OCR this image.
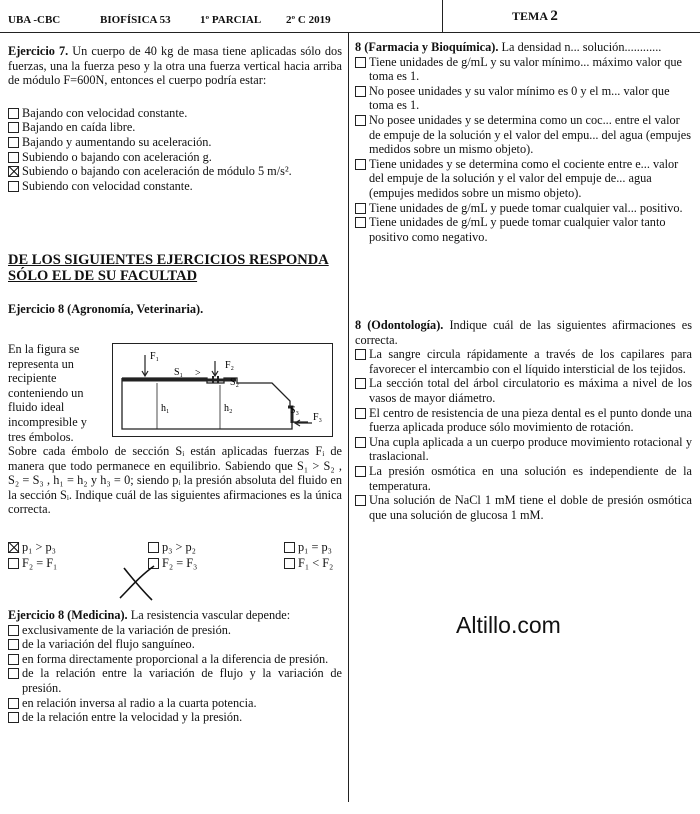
UBA -CBC	BIOFÍSICA 53	1º PARCIAL 2º C 2019	TEMA 2

Ejercicio 7. Un cuerpo de 40 kg de masa tiene aplicadas sólo dos fuerzas, una la fuerza peso y la otra una fuerza vertical hacia arriba de módulo F=600N, entonces el cuerpo podría estar:

Bajando con velocidad constante.
Bajando en caída libre.
Bajando y aumentando su aceleración.
Subiendo o bajando con aceleración g.
Subiendo o bajando con aceleración de módulo 5 m/s².
Subiendo con velocidad constante.
DE LOS SIGUIENTES EJERCICIOS RESPONDA SÓLO EL DE SU FACULTAD

Ejercicio 8 (Agronomía, Veterinaria).

En la figura se representa un recipiente conteniendo un fluido ideal incompresible y tres émbolos.
F₁
F₂
F₃
S₁
S₂
S₃
h₁	h₂
>
Sobre cada émbolo de sección Sᵢ están aplicadas fuerzas Fᵢ de manera que todo permanece en equilibrio. Sabiendo que S₁ > S₂ , S₂ = S₃ , h₁ = h₂ y h₃ = 0; siendo pᵢ la presión absoluta del fluido en la sección Sᵢ. Indique cuál de las siguientes afirmaciones es la única correcta.
p₁ > p₃	p₃ > p₂	p₁ = p₃
F₂ = F₁	F₂ = F₃	F₁ < F₂

Ejercicio 8 (Medicina). La resistencia vascular depende:

exclusivamente de la variación de presión.
de la variación del flujo sanguíneo.
en forma directamente proporcional a la diferencia de presión.
de la relación entre la variación de flujo y la variación de presión.
en relación inversa al radio a la cuarta potencia.
de la relación entre la velocidad y la presión.

8 (Farmacia y Bioquímica). La densidad n... solución............

Tiene unidades de g/mL y su valor mínimo... máximo valor que toma es 1.
No posee unidades y su valor mínimo es 0 y el m... valor que toma es 1.
No posee unidades y se determina como un coc... entre el valor de empuje de la solución y el valor del empu... del agua (empujes medidos sobre un mismo objeto).
Tiene unidades y se determina como el cociente entre e... valor del empuje de la solución y el valor del empuje de... agua (empujes medidos sobre un mismo objeto).
Tiene unidades de g/mL y puede tomar cualquier val... positivo.
Tiene unidades de g/mL y puede tomar cualquier valor tanto positivo como negativo.

8 (Odontología). Indique cuál de las siguientes afirmaciones es correcta.

La sangre circula rápidamente a través de los capilares para favorecer el intercambio con el líquido intersticial de los tejidos.
La sección total del árbol circulatorio es máxima a nivel de los vasos de mayor diámetro.
El centro de resistencia de una pieza dental es el punto donde una fuerza aplicada produce sólo movimiento de rotación.
Una cupla aplicada a un cuerpo produce movimiento rotacional y traslacional.
La presión osmótica en una solución es independiente de la temperatura.
Una solución de NaCl 1 mM tiene el doble de presión osmótica que una solución de glucosa 1 mM.
Altillo.com
